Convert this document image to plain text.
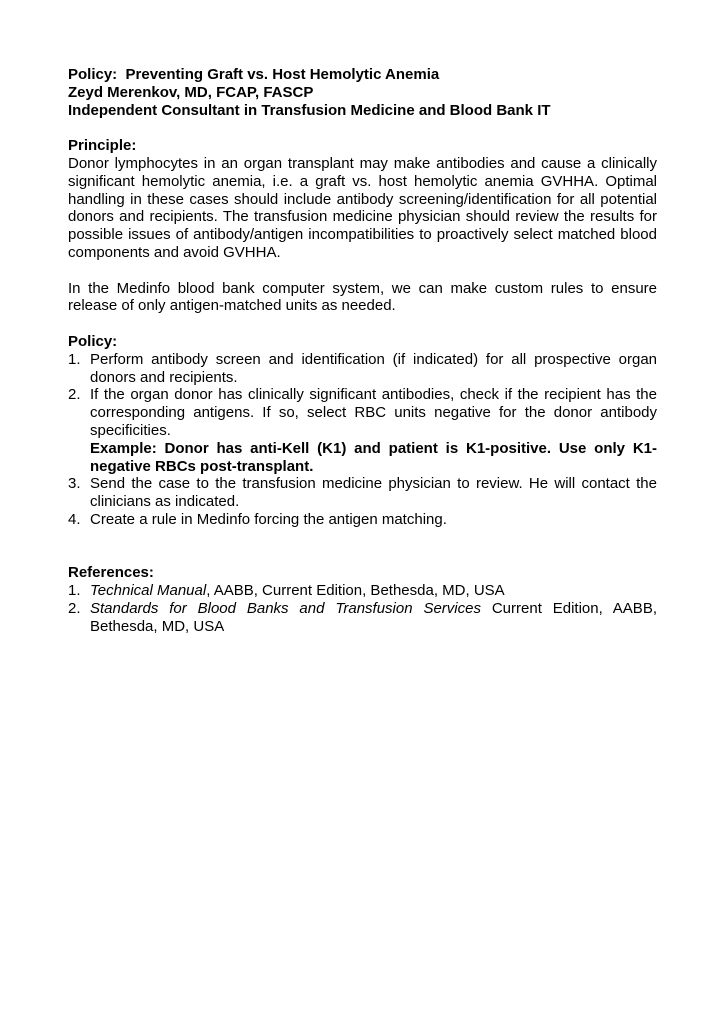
Policy:  Preventing Graft vs. Host Hemolytic Anemia
Zeyd Merenkov, MD, FCAP, FASCP
Independent Consultant in Transfusion Medicine and Blood Bank IT
Principle:

Donor lymphocytes in an organ transplant may make antibodies and cause a clinically significant hemolytic anemia, i.e. a graft vs. host hemolytic anemia GVHHA. Optimal handling in these cases should include antibody screening/identification for all potential donors and recipients. The transfusion medicine physician should review the results for possible issues of antibody/antigen incompatibilities to proactively select matched blood components and avoid GVHHA.

In the Medinfo blood bank computer system, we can make custom rules to ensure release of only antigen-matched units as needed.

Policy:
1. Perform antibody screen and identification (if indicated) for all prospective organ donors and recipients.
2. If the organ donor has clinically significant antibodies, check if the recipient has the corresponding antigens. If so, select RBC units negative for the donor antibody specificities.
Example: Donor has anti-Kell (K1) and patient is K1-positive. Use only K1-negative RBCs post-transplant.
3. Send the case to the transfusion medicine physician to review. He will contact the clinicians as indicated.
4. Create a rule in Medinfo forcing the antigen matching.
References:
1. Technical Manual, AABB, Current Edition, Bethesda, MD, USA
2. Standards for Blood Banks and Transfusion Services Current Edition, AABB, Bethesda, MD, USA
